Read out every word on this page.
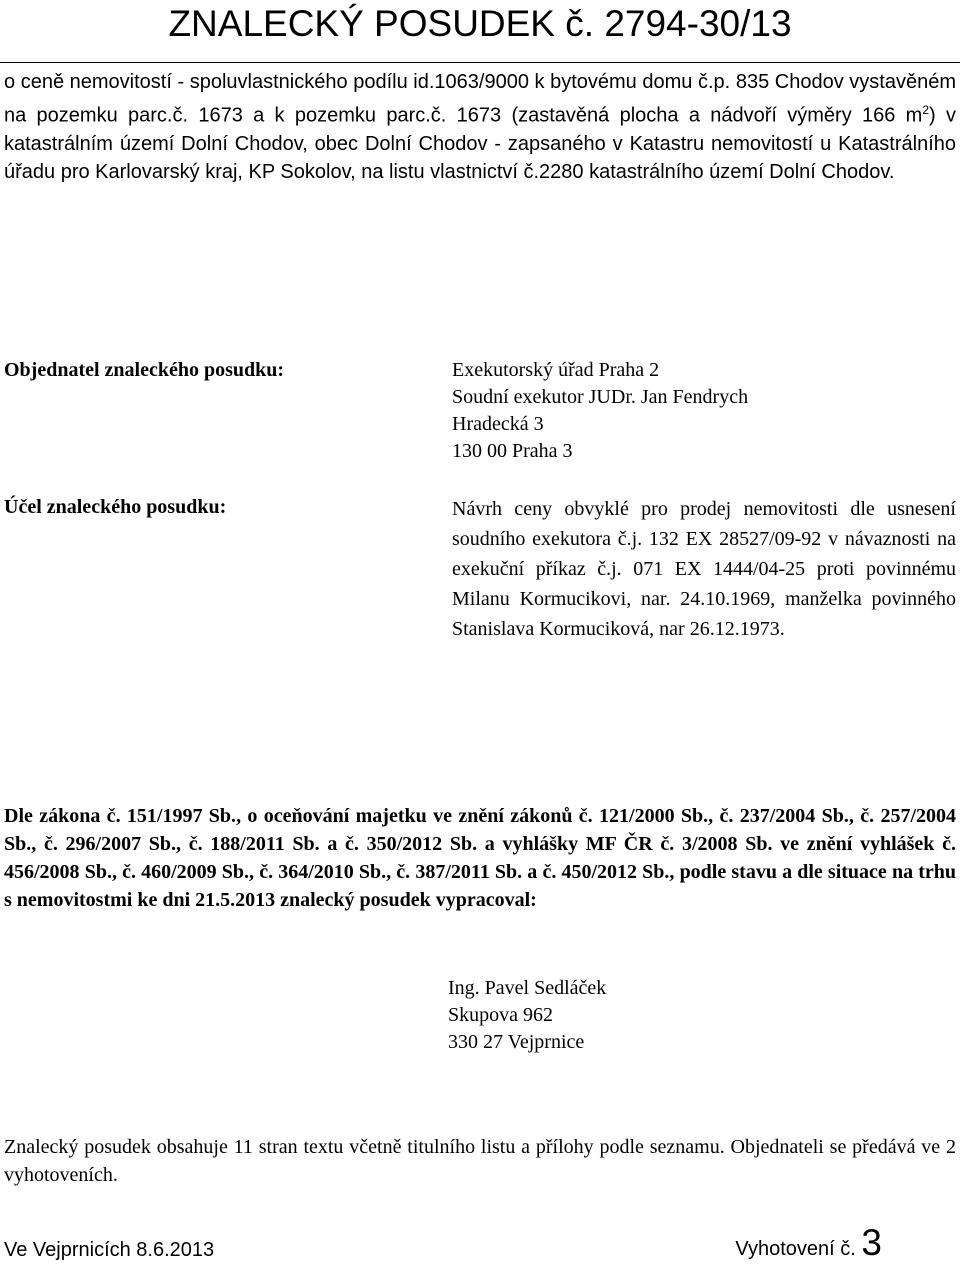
ZNALECKÝ POSUDEK č. 2794-30/13
o ceně nemovitostí - spoluvlastnického podílu id.1063/9000 k bytovému domu č.p. 835 Chodov vystavěném na pozemku parc.č. 1673 a k pozemku parc.č. 1673 (zastavěná plocha a nádvoří výměry 166 $m^2$) v katastrálním území Dolní Chodov, obec Dolní Chodov - zapsaného v Katastru nemovitostí u Katastrálního úřadu pro Karlovarský kraj, KP Sokolov, na listu vlastnictví č.2280 katastrálního území Dolní Chodov.
Objednatel znaleckého posudku:	Exekutorský úřad Praha 2
Soudní exekutor JUDr. Jan Fendrych
Hradecká 3
130 00 Praha 3
Účel znaleckého posudku:	Návrh ceny obvyklé pro prodej nemovitosti dle usnesení soudního exekutora č.j. 132 EX 28527/09-92 v návaznosti na exekuční příkaz č.j. 071 EX 1444/04-25 proti povinnému Milanu Kormucikovi, nar. 24.10.1969, manželka povinného Stanislava Kormuciková, nar 26.12.1973.
Dle zákona č. 151/1997 Sb., o oceňování majetku ve znění zákonů č. 121/2000 Sb., č. 237/2004 Sb., č. 257/2004 Sb., č. 296/2007 Sb., č. 188/2011 Sb. a č. 350/2012 Sb. a vyhlášky MF ČR č. 3/2008 Sb. ve znění vyhlášek č. 456/2008 Sb., č. 460/2009 Sb., č. 364/2010 Sb., č. 387/2011 Sb. a č. 450/2012 Sb., podle stavu a dle situace na trhu s nemovitostmi ke dni 21.5.2013 znalecký posudek vypracoval:
Ing. Pavel Sedláček
Skupova 962
330 27 Vejprnice
Znalecký posudek obsahuje 11 stran textu včetně titulního listu a přílohy podle seznamu. Objednateli se předává ve 2 vyhotoveních.
Ve Vejprnicích 8.6.2013	Vyhotovení č. 3
